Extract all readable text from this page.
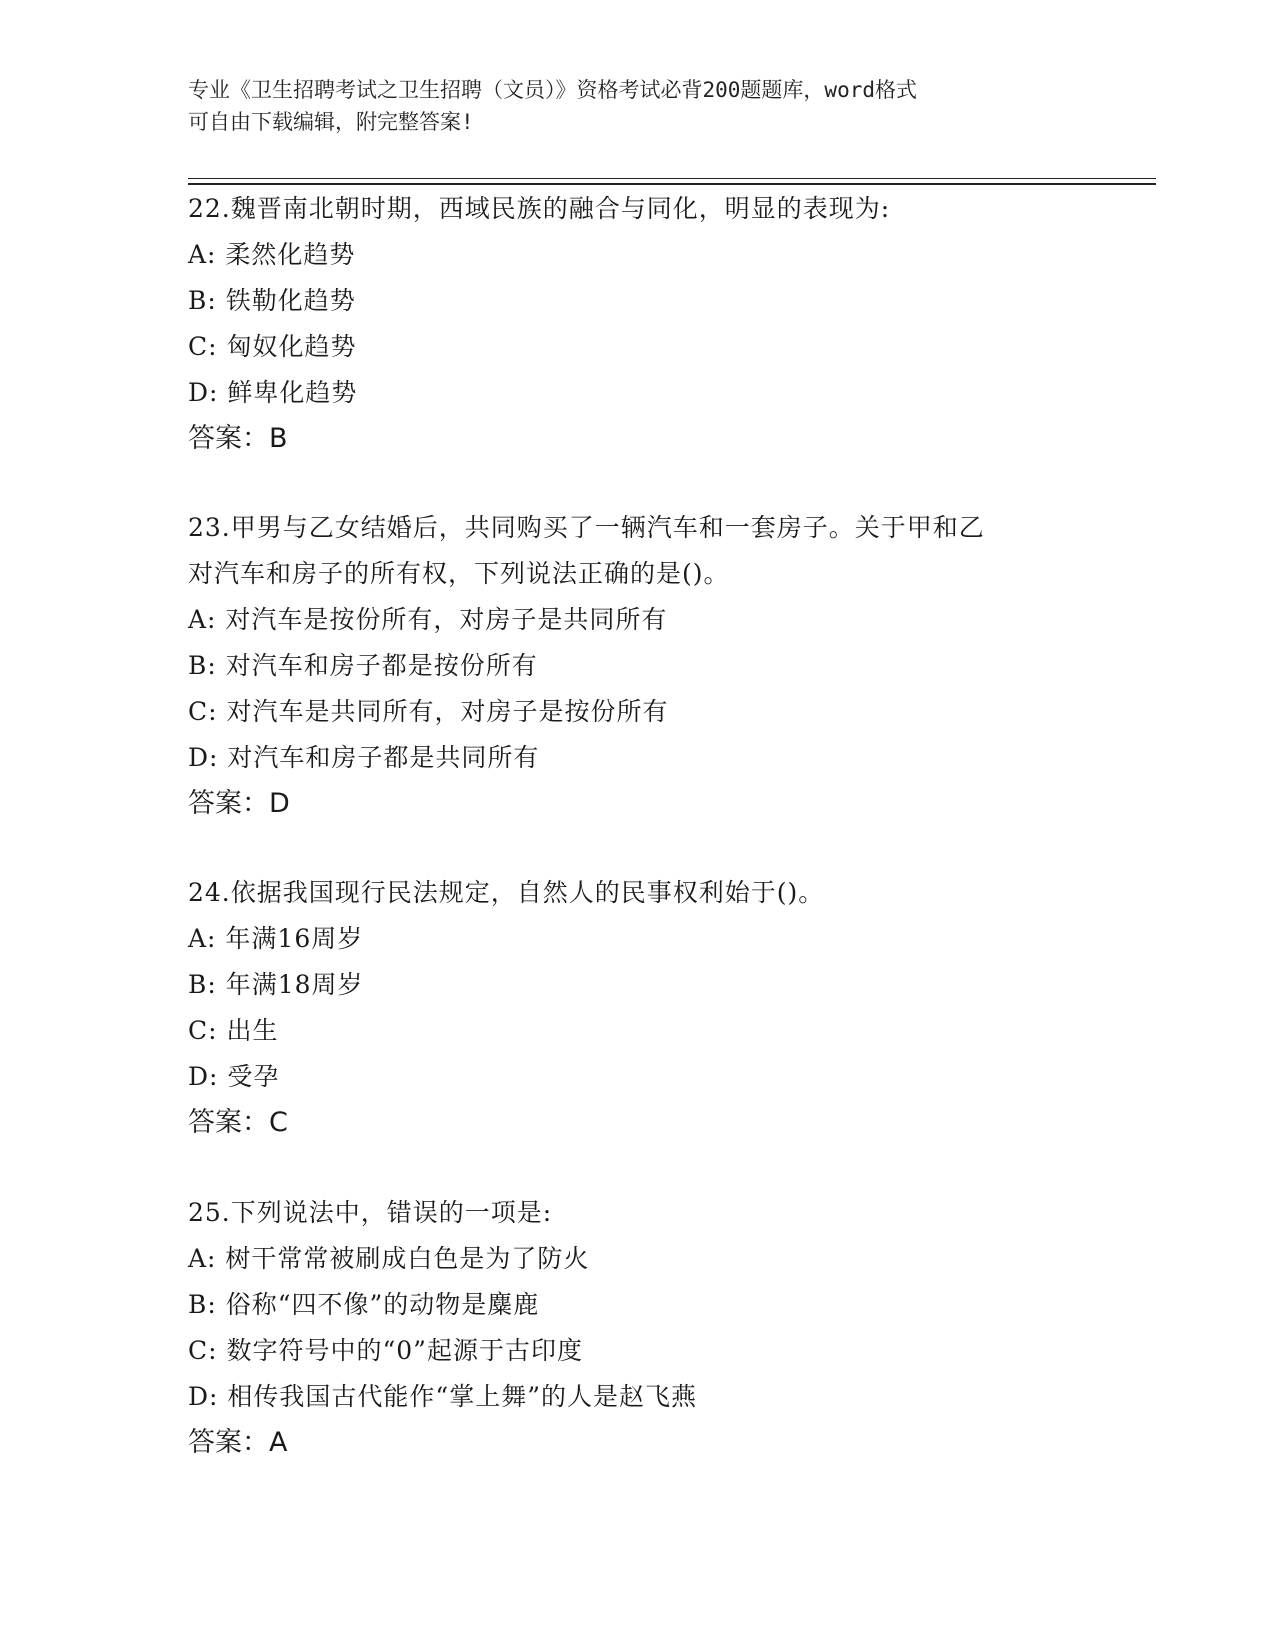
专业《卫生招聘考试之卫生招聘（文员）》资格考试必背200题题库，word格式
可自由下载编辑，附完整答案!
22.魏晋南北朝时期，西域民族的融合与同化，明显的表现为:
A: 柔然化趋势
B: 铁勒化趋势
C: 匈奴化趋势
D: 鲜卑化趋势
答案：B
23.甲男与乙女结婚后，共同购买了一辆汽车和一套房子。关于甲和乙
对汽车和房子的所有权，下列说法正确的是()。
A: 对汽车是按份所有，对房子是共同所有
B: 对汽车和房子都是按份所有
C: 对汽车是共同所有，对房子是按份所有
D: 对汽车和房子都是共同所有
答案：D
24.依据我国现行民法规定，自然人的民事权利始于()。
A: 年满16周岁
B: 年满18周岁
C: 出生
D: 受孕
答案：C
25.下列说法中，错误的一项是:
A: 树干常常被刷成白色是为了防火
B: 俗称“四不像”的动物是麋鹿
C: 数字符号中的“0”起源于古印度
D: 相传我国古代能作“掌上舞”的人是赵飞燕
答案：A
